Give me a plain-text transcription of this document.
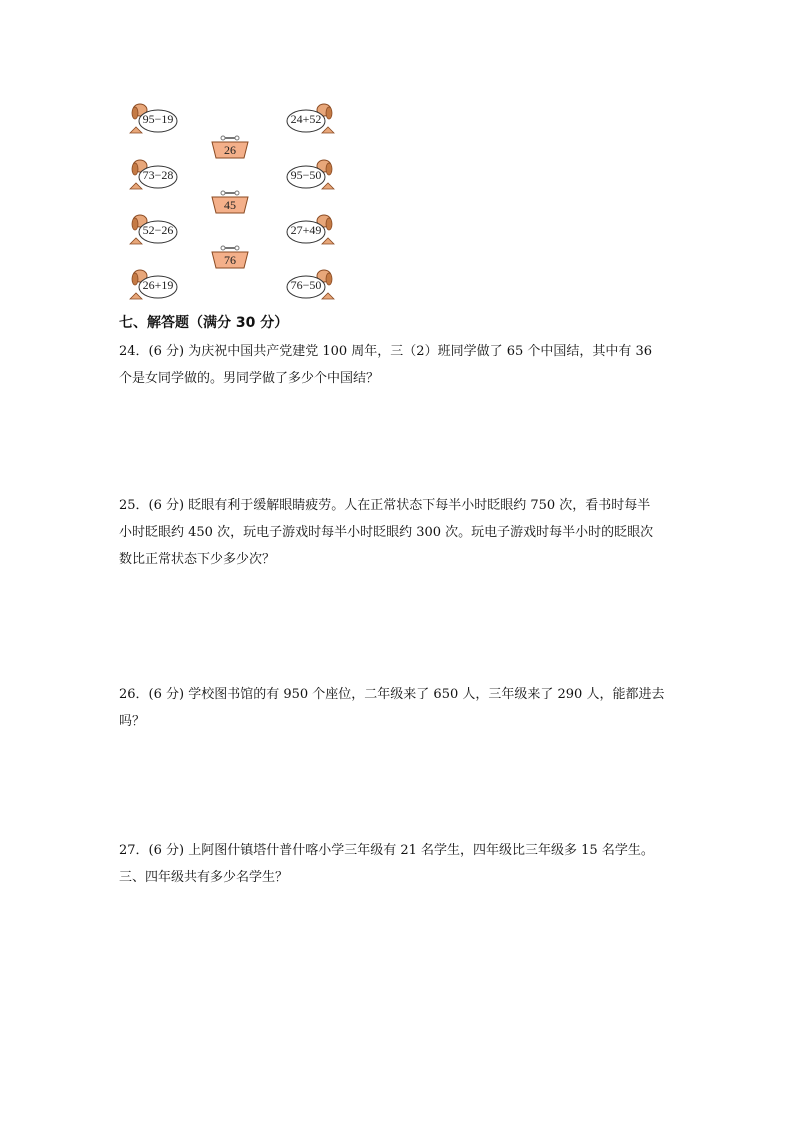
95−19
73−28
52−26
26+19
26
45
76
24+52
95−50
27+49
76−50
七、解答题（满分 30 分）
24．(6 分) 为庆祝中国共产党建党 100 周年，三（2）班同学做了 65 个中国结，其中有 36
个是女同学做的。男同学做了多少个中国结？
25．(6 分) 眨眼有利于缓解眼睛疲劳。人在正常状态下每半小时眨眼约 750 次，看书时每半
小时眨眼约 450 次，玩电子游戏时每半小时眨眼约 300 次。玩电子游戏时每半小时的眨眼次
数比正常状态下少多少次？
26．(6 分) 学校图书馆的有 950 个座位，二年级来了 650 人，三年级来了 290 人，能都进去
吗？
27．(6 分) 上阿图什镇塔什普什喀小学三年级有 21 名学生，四年级比三年级多 15 名学生。
三、四年级共有多少名学生？
